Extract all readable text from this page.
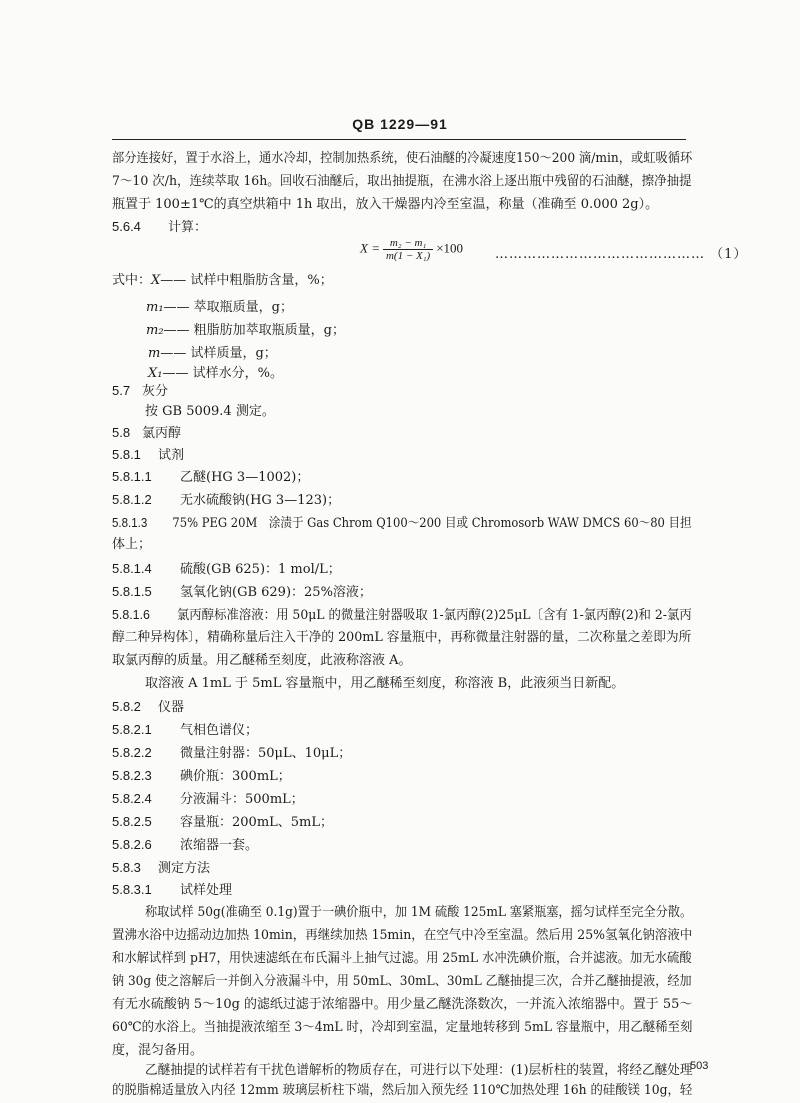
QB 1229—91
部分连接好，置于水浴上，通水冷却，控制加热系统，使石油醚的冷凝速度150～200 滴/min，或虹吸循环
7～10 次/h，连续萃取 16h。回收石油醚后，取出抽提瓶，在沸水浴上逐出瓶中残留的石油醚，擦净抽提
瓶置于 100±1℃的真空烘箱中 1h 取出，放入干燥器内冷至室温，称量（准确至 0.000 2g）。
5.6.4 计算：
$X = \frac{\text{m₂ − m₁}}{\text{m(1 − X₁)}} \times 100$ ……………………………………… （1）
式中：X—— 试样中粗脂肪含量，%；
m₁—— 萃取瓶质量，g；
m₂—— 粗脂肪加萃取瓶质量，g；
m—— 试样质量，g；
X₁—— 试样水分，%。
5.7 灰分
按 GB 5009.4 测定。
5.8 氯丙醇
5.8.1 试剂
5.8.1.1 乙醚(HG 3—1002)；
5.8.1.2 无水硫酸钠(HG 3—123)；
5.8.1.3 75% PEG 20M　涂渍于 Gas Chrom Q100～200 目或 Chromosorb WAW DMCS 60～80 目担
体上；
5.8.1.4 硫酸(GB 625)：1 mol/L；
5.8.1.5 氢氧化钠(GB 629)：25%溶液；
5.8.1.6 氯丙醇标准溶液：用 50μL 的微量注射器吸取 1-氯丙醇(2)25μL〔含有 1-氯丙醇(2)和 2-氯丙
醇二种异构体〕，精确称量后注入干净的 200mL 容量瓶中，再称微量注射器的量，二次称量之差即为所
取氯丙醇的质量。用乙醚稀至刻度，此液称溶液 A。
取溶液 A 1mL 于 5mL 容量瓶中，用乙醚稀至刻度，称溶液 B，此液须当日新配。
5.8.2 仪器
5.8.2.1 气相色谱仪；
5.8.2.2 微量注射器：50μL、10μL；
5.8.2.3 碘价瓶：300mL；
5.8.2.4 分液漏斗：500mL；
5.8.2.5 容量瓶：200mL、5mL；
5.8.2.6 浓缩器一套。
5.8.3 测定方法
5.8.3.1 试样处理
称取试样 50g(准确至 0.1g)置于一碘价瓶中，加 1M 硫酸 125mL 塞紧瓶塞，摇匀试样至完全分散。
置沸水浴中边摇动边加热 10min，再继续加热 15min，在空气中冷至室温。然后用 25%氢氧化钠溶液中
和水解试样到 pH7，用快速滤纸在布氏漏斗上抽气过滤。用 25mL 水冲洗碘价瓶，合并滤液。加无水硫酸
钠 30g 使之溶解后一并倒入分液漏斗中，用 50mL、30mL、30mL 乙醚抽提三次，合并乙醚抽提液，经加
有无水硫酸钠 5～10g 的滤纸过滤于浓缩器中。用少量乙醚洗涤数次，一并流入浓缩器中。置于 55～
60℃的水浴上。当抽提液浓缩至 3～4mL 时，冷却到室温，定量地转移到 5mL 容量瓶中，用乙醚稀至刻
度，混匀备用。
乙醚抽提的试样若有干扰色谱解析的物质存在，可进行以下处理：(1)层析柱的装置，将经乙醚处理
的脱脂棉适量放入内径 12mm 玻璃层析柱下端，然后加入预先经 110℃加热处理 16h 的硅酸镁 10g，轻
503
